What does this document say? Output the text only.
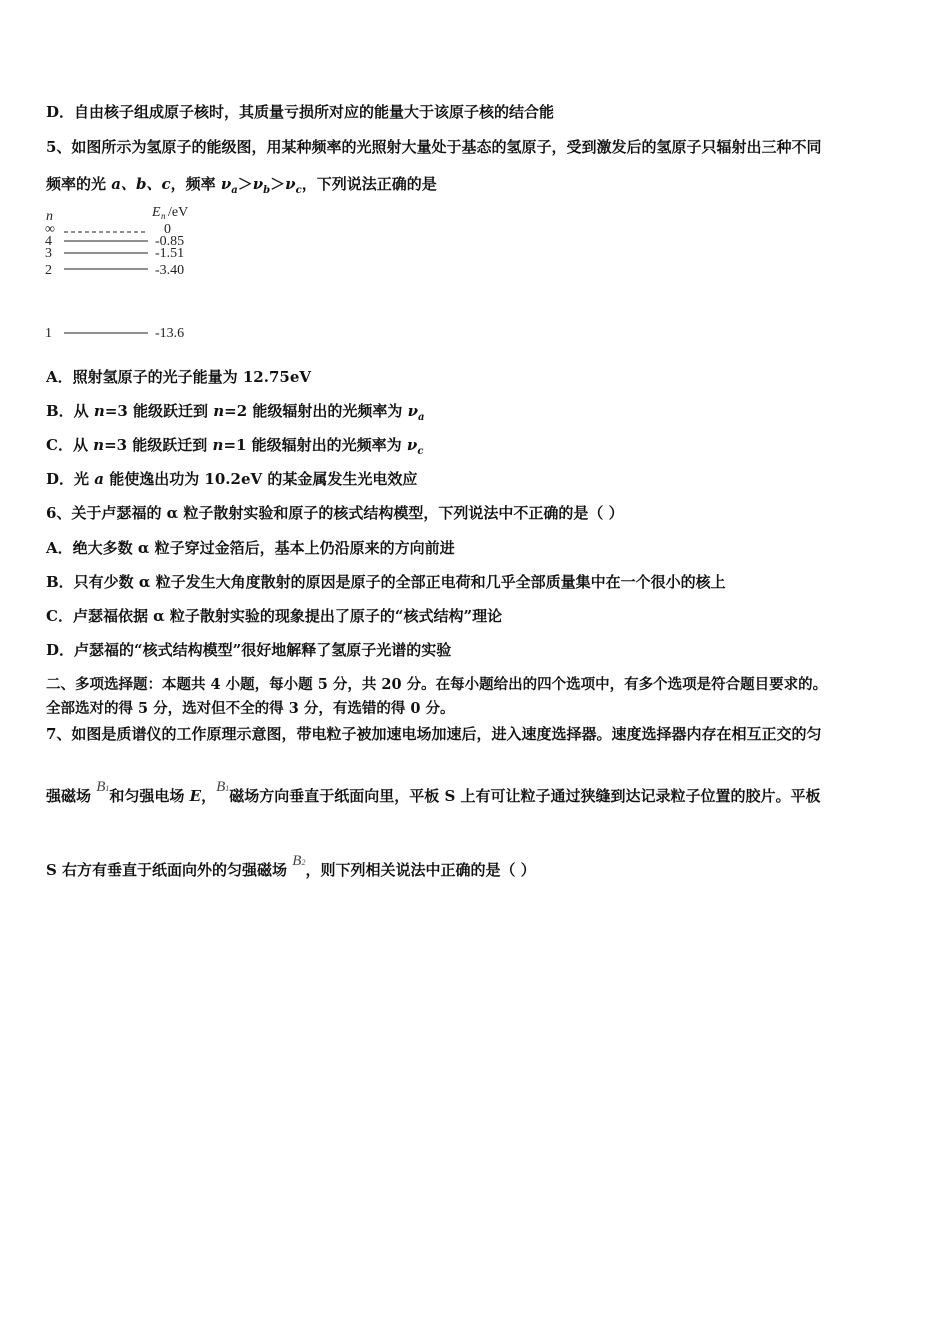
D．自由核子组成原子核时，其质量亏损所对应的能量大于该原子核的结合能
5、如图所示为氢原子的能级图，用某种频率的光照射大量处于基态的氢原子，受到激发后的氢原子只辐射出三种不同
频率的光 a、b、c，频率 $\nu_a>\nu_b>\nu_c$，下列说法正确的是
n	E n /eV
∞	0
4	-0.85
3	-1.51
2	-3.40
1	-13.6
A．照射氢原子的光子能量为 12.75eV
B．从 n=3 能级跃迁到 n=2 能级辐射出的光频率为 $\nu_a$
C．从 n=3 能级跃迁到 n=1 能级辐射出的光频率为 $\nu_c$
D．光 a 能使逸出功为 10.2eV 的某金属发生光电效应
6、关于卢瑟福的 α 粒子散射实验和原子的核式结构模型，下列说法中不正确的是（ ）
A．绝大多数 α 粒子穿过金箔后，基本上仍沿原来的方向前进
B．只有少数 α 粒子发生大角度散射的原因是原子的全部正电荷和几乎全部质量集中在一个很小的核上
C．卢瑟福依据 α 粒子散射实验的现象提出了原子的“核式结构”理论
D．卢瑟福的“核式结构模型”很好地解释了氢原子光谱的实验
二、多项选择题：本题共 4 小题，每小题 5 分，共 20 分。在每小题给出的四个选项中，有多个选项是符合题目要求的。
全部选对的得 5 分，选对但不全的得 3 分，有选错的得 0 分。
7、如图是质谱仪的工作原理示意图，带电粒子被加速电场加速后，进入速度选择器。速度选择器内存在相互正交的匀
强磁场 B1和匀强电场 E，B1磁场方向垂直于纸面向里，平板 S 上有可让粒子通过狭缝到达记录粒子位置的胶片。平板
S 右方有垂直于纸面向外的匀强磁场 B2，则下列相关说法中正确的是（ ）
